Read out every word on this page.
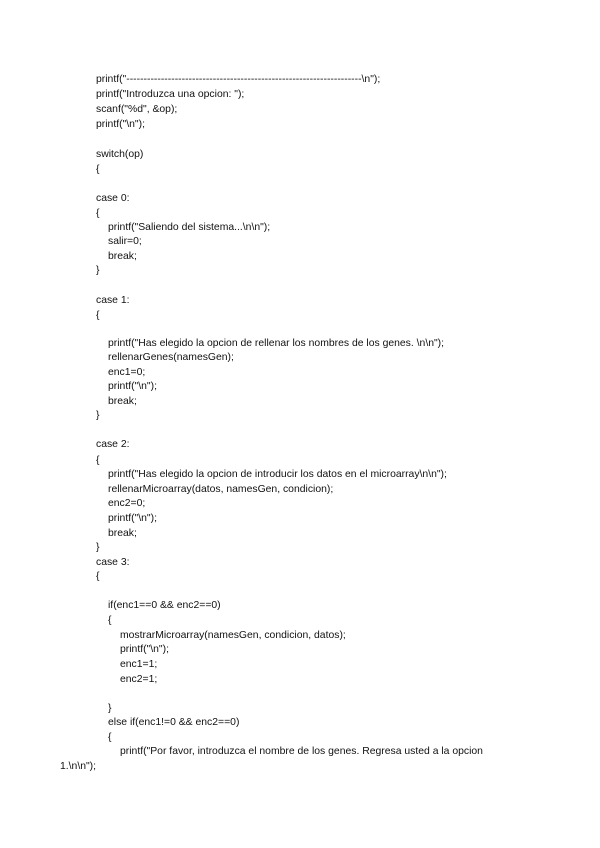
printf("--------------------------------------------------------------------\n");
printf("Introduzca una opcion: ");
scanf("%d", &op);
printf("\n");
switch(op)
{
case 0:
{
printf("Saliendo del sistema...\n\n");
salir=0;
break;
}
case 1:
{
printf("Has elegido la opcion de rellenar los nombres de los genes. \n\n");
rellenarGenes(namesGen);
enc1=0;
printf("\n");
break;
}
case 2:
{
printf("Has elegido la opcion de introducir los datos en el microarray\n\n");
rellenarMicroarray(datos, namesGen, condicion);
enc2=0;
printf("\n");
break;
}
case 3:
{
if(enc1==0 && enc2==0)
{
mostrarMicroarray(namesGen, condicion, datos);
printf("\n");
enc1=1;
enc2=1;
}
else if(enc1!=0 && enc2==0)
{
printf("Por favor, introduzca el nombre de los genes. Regresa usted a la opcion
1.\n\n");
